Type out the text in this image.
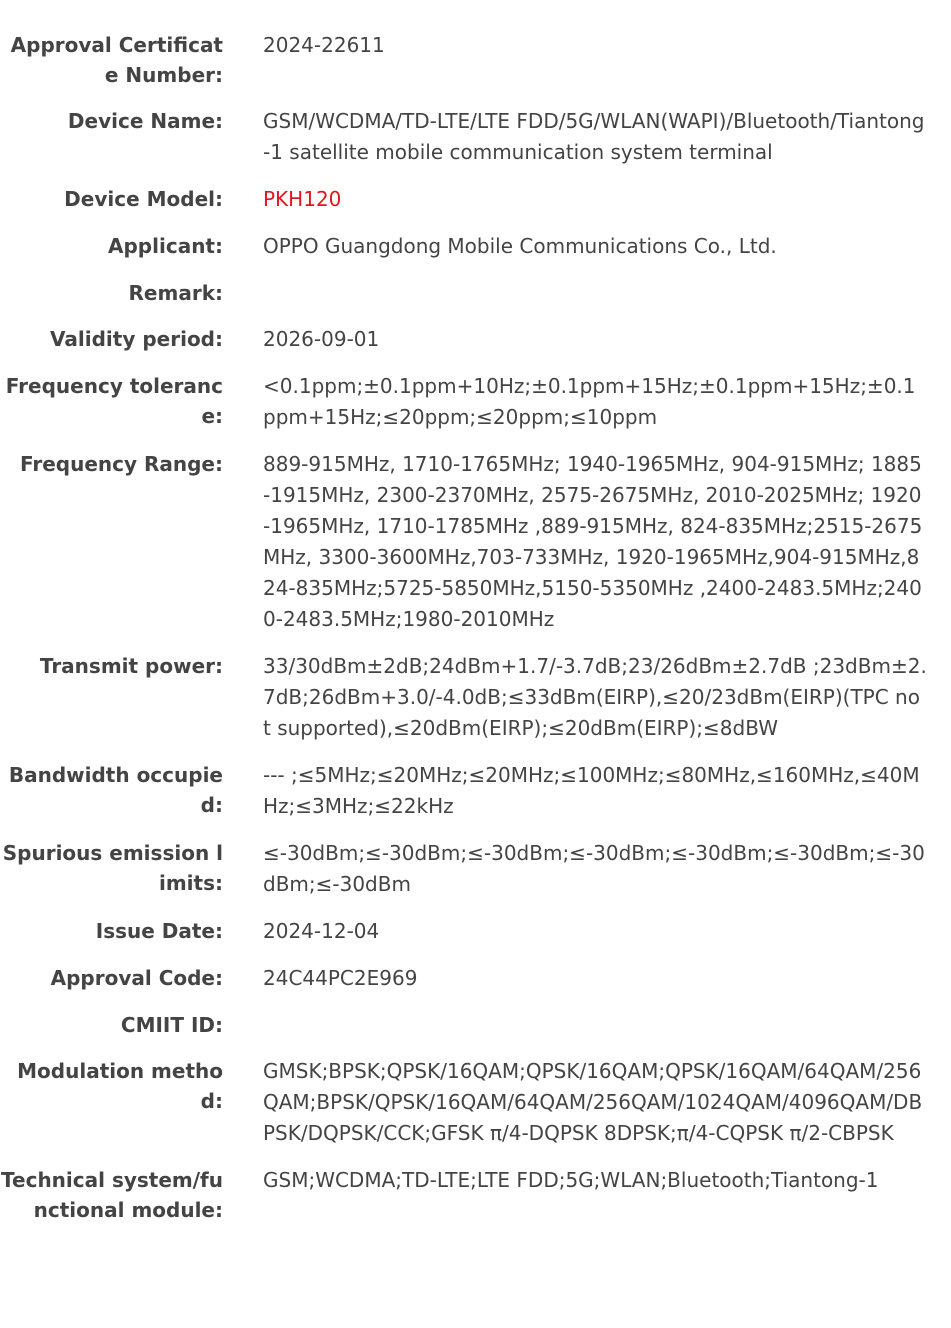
Approval Certificate Number:
2024-22611
Device Name: GSM/WCDMA/TD-LTE/LTE FDD/5G/WLAN(WAPI)/Bluetooth/Tiantong-1 satellite mobile communication system terminal
Device Model: PKH120
Applicant: OPPO Guangdong Mobile Communications Co., Ltd.
Remark:
Validity period: 2026-09-01
Frequency tolerance:
<0.1ppm;±0.1ppm+10Hz;±0.1ppm+15Hz;±0.1ppm+15Hz;±0.1ppm+15Hz;≤20ppm;≤20ppm;≤10ppm
Frequency Range: 889-915MHz, 1710-1765MHz; 1940-1965MHz, 904-915MHz; 1885-1915MHz, 2300-2370MHz, 2575-2675MHz, 2010-2025MHz; 1920-1965MHz, 1710-1785MHz ,889-915MHz, 824-835MHz;2515-2675MHz, 3300-3600MHz,703-733MHz, 1920-1965MHz,904-915MHz,824-835MHz;5725-5850MHz,5150-5350MHz ,2400-2483.5MHz;2400-2483.5MHz;1980-2010MHz
Transmit power: 33/30dBm±2dB;24dBm+1.7/-3.7dB;23/26dBm±2.7dB ;23dBm±2.7dB;26dBm+3.0/-4.0dB;≤33dBm(EIRP),≤20/23dBm(EIRP)(TPC not supported),≤20dBm(EIRP);≤20dBm(EIRP);≤8dBW
Bandwidth occupied:
--- ;≤5MHz;≤20MHz;≤20MHz;≤100MHz;≤80MHz,≤160MHz,≤40MHz;≤3MHz;≤22kHz
Spurious emission limits:
≤-30dBm;≤-30dBm;≤-30dBm;≤-30dBm;≤-30dBm;≤-30dBm;≤-30dBm;≤-30dBm
Issue Date: 2024-12-04
Approval Code: 24C44PC2E969
CMIIT ID:
Modulation method:
GMSK;BPSK;QPSK/16QAM;QPSK/16QAM;QPSK/16QAM/64QAM/256QAM;BPSK/QPSK/16QAM/64QAM/256QAM/1024QAM/4096QAM/DBPSK/DQPSK/CCK;GFSK π/4-DQPSK 8DPSK;π/4-CQPSK π/2-CBPSK
Technical system/functional module:
GSM;WCDMA;TD-LTE;LTE FDD;5G;WLAN;Bluetooth;Tiantong-1
